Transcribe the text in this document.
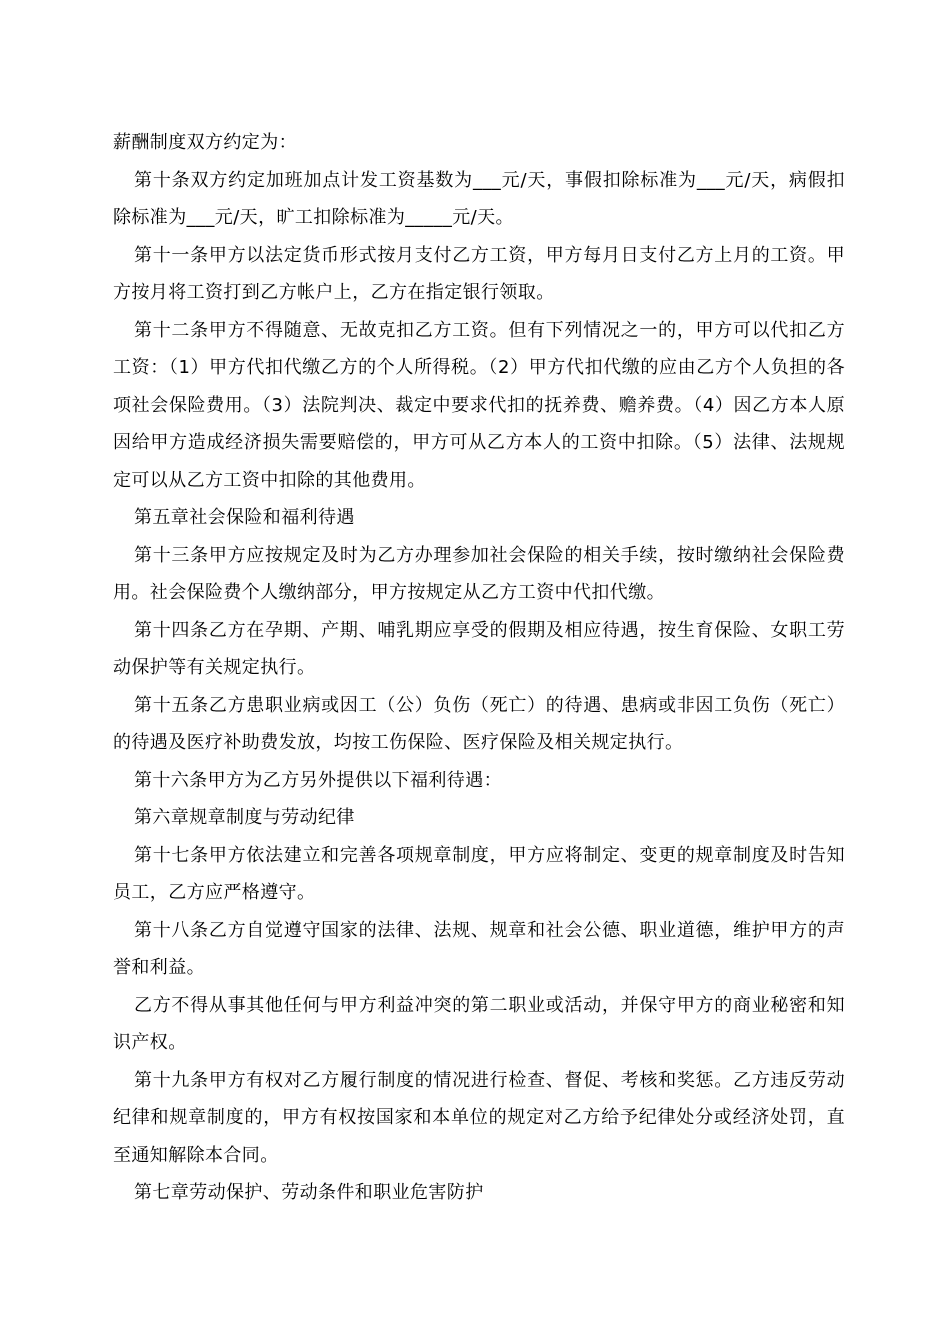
薪酬制度双方约定为：

第十条双方约定加班加点计发工资基数为___元/天，事假扣除标准为___元/天，病假扣除标准为___元/天，旷工扣除标准为_____元/天。

第十一条甲方以法定货币形式按月支付乙方工资，甲方每月日支付乙方上月的工资。甲方按月将工资打到乙方帐户上，乙方在指定银行领取。

第十二条甲方不得随意、无故克扣乙方工资。但有下列情况之一的，甲方可以代扣乙方工资：（1）甲方代扣代缴乙方的个人所得税。（2）甲方代扣代缴的应由乙方个人负担的各项社会保险费用。（3）法院判决、裁定中要求代扣的抚养费、赡养费。（4）因乙方本人原因给甲方造成经济损失需要赔偿的，甲方可从乙方本人的工资中扣除。（5）法律、法规规定可以从乙方工资中扣除的其他费用。

第五章社会保险和福利待遇

第十三条甲方应按规定及时为乙方办理参加社会保险的相关手续，按时缴纳社会保险费用。社会保险费个人缴纳部分，甲方按规定从乙方工资中代扣代缴。

第十四条乙方在孕期、产期、哺乳期应享受的假期及相应待遇，按生育保险、女职工劳动保护等有关规定执行。

第十五条乙方患职业病或因工（公）负伤（死亡）的待遇、患病或非因工负伤（死亡）的待遇及医疗补助费发放，均按工伤保险、医疗保险及相关规定执行。

第十六条甲方为乙方另外提供以下福利待遇：

第六章规章制度与劳动纪律

第十七条甲方依法建立和完善各项规章制度，甲方应将制定、变更的规章制度及时告知员工，乙方应严格遵守。

第十八条乙方自觉遵守国家的法律、法规、规章和社会公德、职业道德，维护甲方的声誉和利益。

乙方不得从事其他任何与甲方利益冲突的第二职业或活动，并保守甲方的商业秘密和知识产权。

第十九条甲方有权对乙方履行制度的情况进行检查、督促、考核和奖惩。乙方违反劳动纪律和规章制度的，甲方有权按国家和本单位的规定对乙方给予纪律处分或经济处罚，直至通知解除本合同。

第七章劳动保护、劳动条件和职业危害防护
